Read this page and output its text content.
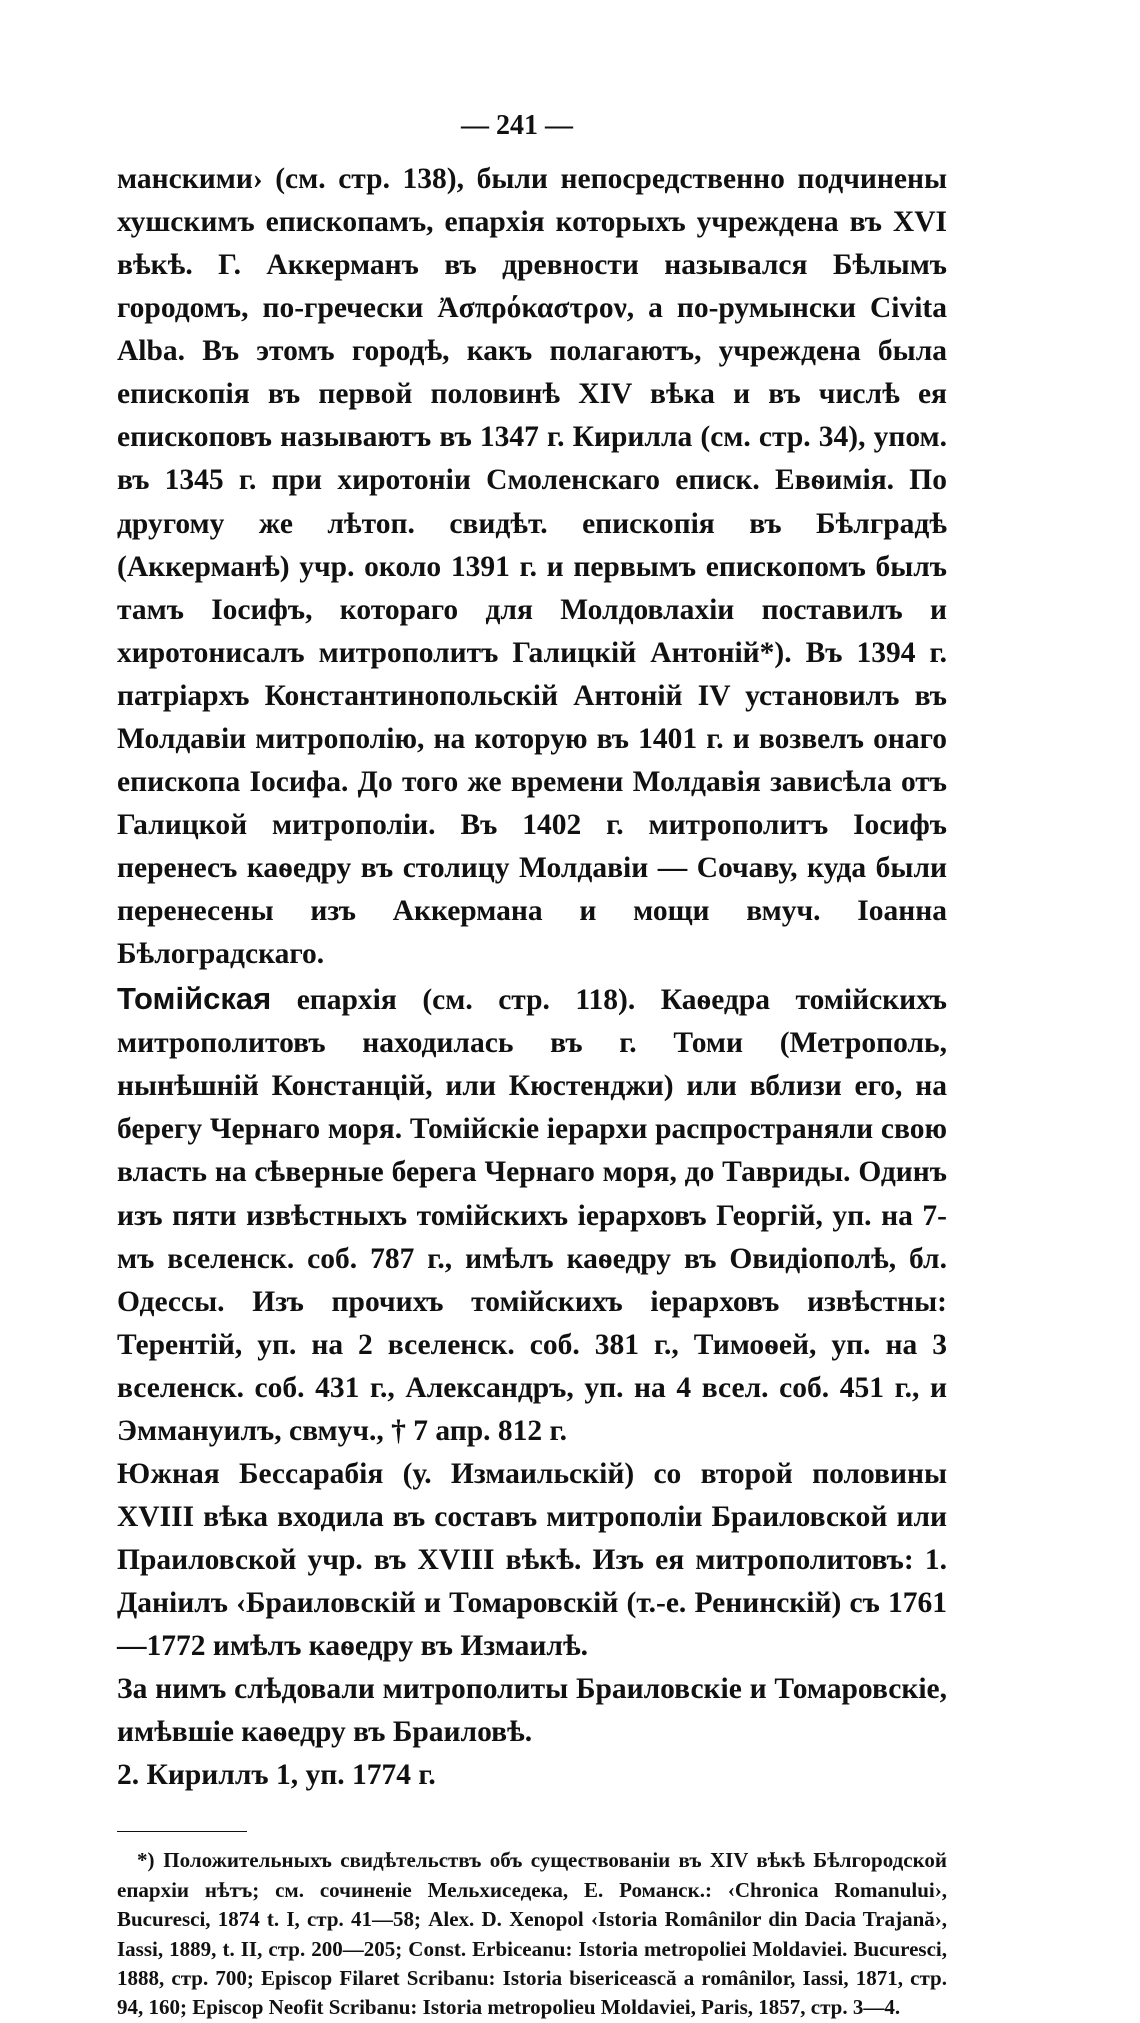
— 241 —

манскими› (см. стр. 138), были непосредственно подчинены хушскимъ епископамъ, епархія которыхъ учреждена въ XVI вѣкѣ. Г. Аккерманъ въ древности назывался Бѣлымъ городомъ, по-гречески Ἀσπρόκαστρον, а по-румынски Civita Alba. Въ этомъ городѣ, какъ полагаютъ, учреждена была епископія въ первой половинѣ XIV вѣка и въ числѣ ея епископовъ называютъ въ 1347 г. Кирилла (см. стр. 34), упом. въ 1345 г. при хиротоніи Смоленскаго еписк. Евѳимія. По другому же лѣтоп. свидѣт. епископія въ Бѣлградѣ (Аккерманѣ) учр. около 1391 г. и первымъ епископомъ былъ тамъ Іосифъ, котораго для Молдовлахіи поставилъ и хиротонисалъ митрополитъ Галицкій Антоній*). Въ 1394 г. патріархъ Константинопольскій Антоній IV установилъ въ Молдавіи митрополію, на которую въ 1401 г. и возвелъ онаго епископа Іосифа. До того же времени Молдавія зависѣла отъ Галицкой митрополіи. Въ 1402 г. митрополитъ Іосифъ перенесъ каѳедру въ столицу Молдавіи — Сочаву, куда были перенесены изъ Аккермана и мощи вмуч. Іоанна Бѣлоградскаго.

Томійская епархія (см. стр. 118). Каѳедра томійскихъ митрополитовъ находилась въ г. Томи (Метрополь, нынѣшній Констанцій, или Кюстенджи) или вблизи его, на берегу Чернаго моря. Томійскіе іерархи распространяли свою власть на сѣверные берега Чернаго моря, до Тавриды. Одинъ изъ пяти извѣстныхъ томійскихъ іерарховъ Георгій, уп. на 7-мъ вселенск. соб. 787 г., имѣлъ каѳедру въ Овидіополѣ, бл. Одессы. Изъ прочихъ томійскихъ іерарховъ извѣстны: Терентій, уп. на 2 вселенск. соб. 381 г., Тимоѳей, уп. на 3 вселенск. соб. 431 г., Александръ, уп. на 4 всел. соб. 451 г., и Эммануилъ, свмуч., † 7 апр. 812 г.

Южная Бессарабія (у. Измаильскій) со второй половины XVIII вѣка входила въ составъ митрополіи Браиловской или Праиловской учр. въ XVIII вѣкѣ. Изъ ея митрополитовъ: 1. Даніилъ ‹Браиловскій и Томаровскій (т.-е. Ренинскій) съ 1761—1772 имѣлъ каѳедру въ Измаилѣ.

За нимъ слѣдовали митрополиты Браиловскіе и Томаровскіе, имѣвшіе каѳедру въ Браиловѣ.

2. Кириллъ 1, уп. 1774 г.

*) Положительныхъ свидѣтельствъ объ существованіи въ XIV вѣкѣ Бѣлгородской епархіи нѣтъ; см. сочиненіе Мельхиседека, Е. Романск.: ‹Chronica Romanului›, Bucuresci, 1874 t. I, стр. 41—58; Alex. D. Xenopol ‹Istoria Românilor din Dacia Trajană›, Iassi, 1889, t. II, стр. 200—205; Const. Erbiceanu: Istoria metropoliei Moldaviei. Bucuresci, 1888, стр. 700; Episcop Filaret Scribanu: Istoria bisericească a românilor, Iassi, 1871, стр. 94, 160; Episcop Neofit Scribanu: Istoria metropolieu Moldaviei, Paris, 1857, стр. 3—4.
